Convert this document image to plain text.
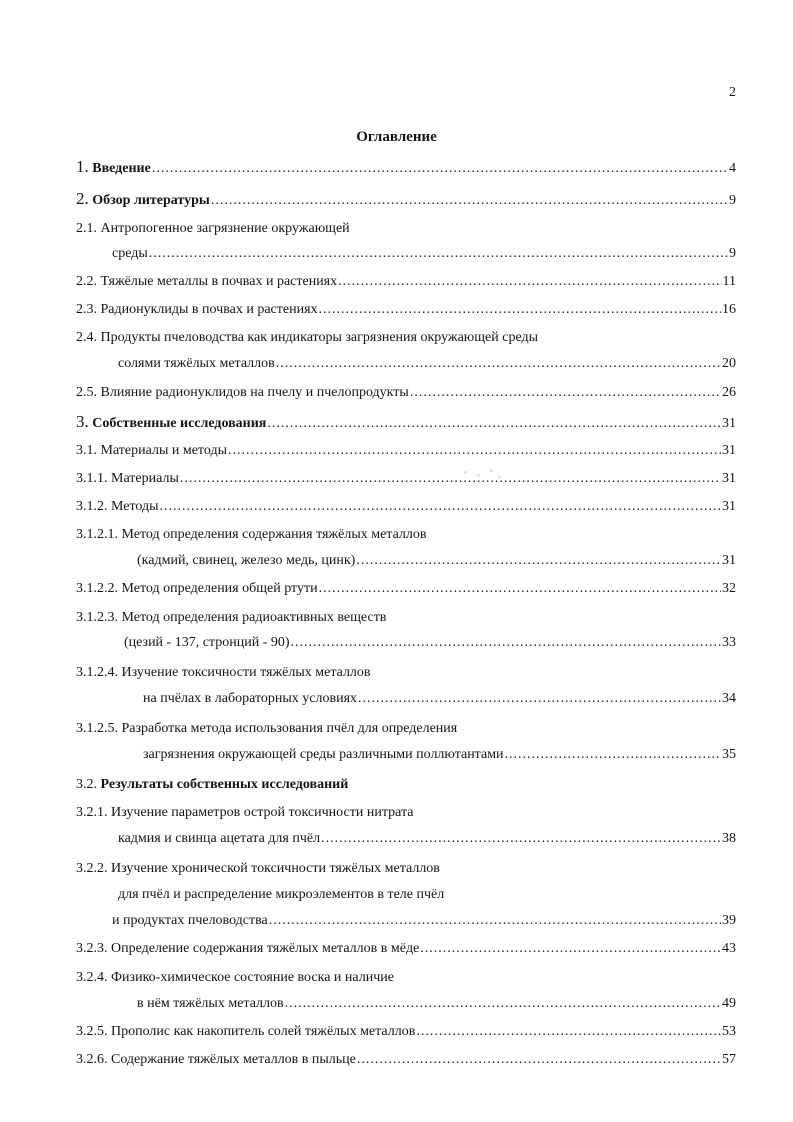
2
Оглавление
1. Введение .....	4
2. Обзор литературы .....	9
2.1. Антропогенное загрязнение окружающей
среды .....	9
2.2. Тяжёлые металлы в почвах и растениях .....	11
2.3. Радионуклиды в почвах и растениях .....	16
2.4. Продукты пчеловодства как индикаторы загрязнения окружающей среды
солями тяжёлых металлов .....	20
2.5. Влияние радионуклидов на пчелу и пчелопродукты .....	26
3. Собственные исследования .....	31
3.1. Материалы и методы .....	31
3.1.1. Материалы .....	31
3.1.2. Методы .....	31
3.1.2.1. Метод определения содержания тяжёлых металлов
(кадмий, свинец, железо медь, цинк) .....	31
3.1.2.2. Метод определения общей ртути .....	32
3.1.2.3. Метод определения радиоактивных веществ
(цезий - 137, стронций - 90) .....	33
3.1.2.4. Изучение токсичности тяжёлых металлов
на пчёлах в лабораторных условиях .....	34
3.1.2.5. Разработка метода использования пчёл для определения
загрязнения окружающей среды различными поллютантами .....	35
3.2. Результаты собственных исследований
3.2.1. Изучение параметров острой токсичности нитрата
кадмия и свинца ацетата для пчёл .....	38
3.2.2. Изучение хронической токсичности тяжёлых металлов
для пчёл и распределение микроэлементов в теле пчёл
и продуктах пчеловодства .....	39
3.2.3. Определение содержания тяжёлых металлов в мёде .....	43
3.2.4. Физико-химическое состояние воска и наличие
в нём тяжёлых металлов .....	49
3.2.5. Прополис как накопитель солей тяжёлых металлов .....	53
3.2.6. Содержание тяжёлых металлов в пыльце .....	57
